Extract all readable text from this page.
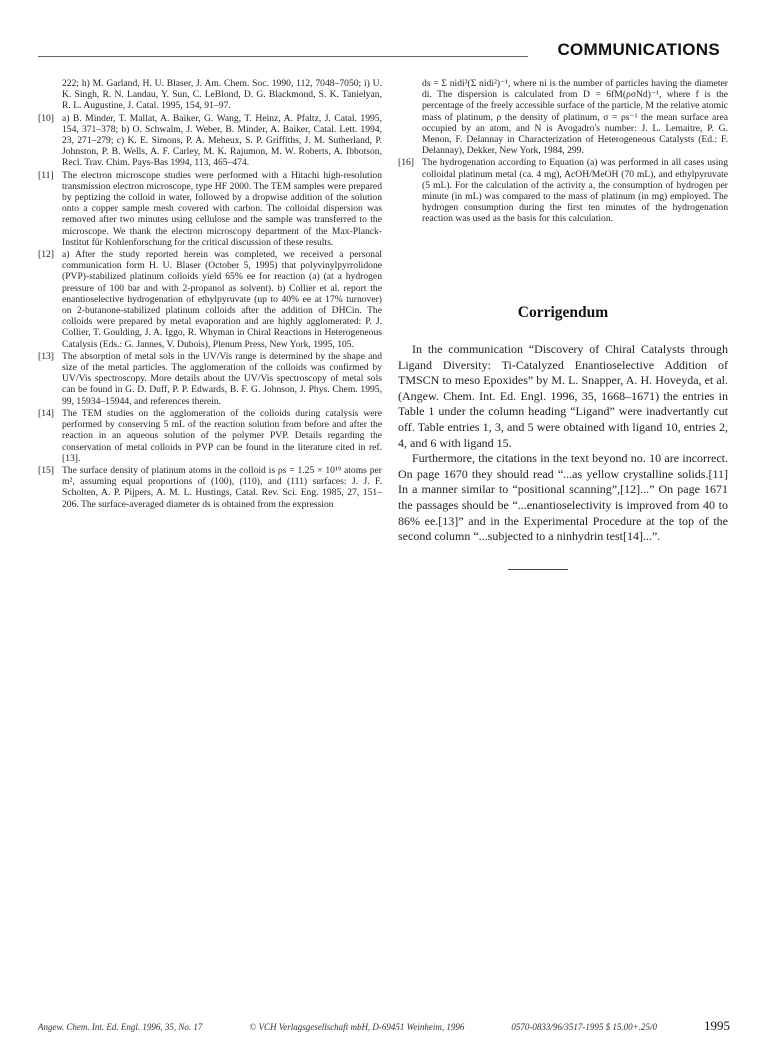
COMMUNICATIONS
222; h) M. Garland, H. U. Blaser, J. Am. Chem. Soc. 1990, 112, 7048–7050; i) U. K. Singh, R. N. Landau, Y. Sun, C. LeBlond, D. G. Blackmond, S. K. Tanielyan, R. L. Augustine, J. Catal. 1995, 154, 91–97.
[10] a) B. Minder, T. Mallat, A. Baiker, G. Wang, T. Heinz, A. Pfaltz, J. Catal. 1995, 154, 371–378; b) O. Schwalm, J. Weber, B. Minder, A. Baiker, Catal. Lett. 1994, 23, 271–279; c) K. E. Simons, P. A. Meheux, S. P. Griffiths, J. M. Sutherland, P. Johnston, P. B. Wells, A. F. Carley, M. K. Rajumon, M. W. Roberts, A. Ibbotson, Recl. Trav. Chim. Pays-Bas 1994, 113, 465–474.
[11] The electron microscope studies were performed with a Hitachi high-resolution transmission electron microscope, type HF 2000. The TEM samples were prepared by peptizing the colloid in water, followed by a dropwise addition of the solution onto a copper sample mesh covered with carbon. The colloidal dispersion was removed after two minutes using cellulose and the sample was transferred to the microscope. We thank the electron microscopy department of the Max-Planck-Institut für Kohlenforschung for the critical discussion of these results.
[12] a) After the study reported herein was completed, we received a personal communication form H. U. Blaser (October 5, 1995) that polyvinylpyrrolidone (PVP)-stabilized platinum colloids yield 65% ee for reaction (a) (at a hydrogen pressure of 100 bar and with 2-propanol as solvent). b) Collier et al. report the enantioselective hydrogenation of ethylpyruvate (up to 40% ee at 17% turnover) on 2-butanone-stabilized platinum colloids after the addition of DHCin. The colloids were prepared by metal evaporation and are highly agglomerated: P. J. Collier, T. Goulding, J. A. Iggo, R. Whyman in Chiral Reactions in Heterogeneous Catalysis (Eds.: G. Jannes, V. Dubois), Plenum Press, New York, 1995, 105.
[13] The absorption of metal sols in the UV/Vis range is determined by the shape and size of the metal particles. The agglomeration of the colloids was confirmed by UV/Vis spectroscopy. More details about the UV/Vis spectroscopy of metal sols can be found in G. D. Duff, P. P. Edwards, B. F. G. Johnson, J. Phys. Chem. 1995, 99, 15934–15944, and references therein.
[14] The TEM studies on the agglomeration of the colloids during catalysis were performed by conserving 5 mL of the reaction solution from before and after the reaction in an aqueous solution of the polymer PVP. Details regarding the conservation of metal colloids in PVP can be found in the literature cited in ref. [13].
[15] The surface density of platinum atoms in the colloid is ρs = 1.25 × 10¹⁹ atoms per m², assuming equal proportions of (100), (110), and (111) surfaces: J. J. F. Scholten, A. P. Pijpers, A. M. L. Hustings, Catal. Rev. Sci. Eng. 1985, 27, 151–206. The surface-averaged diameter ds is obtained from the expression
ds = Σ nidi³(Σ nidi²)⁻¹, where ni is the number of particles having the diameter di. The dispersion is calculated from D = 6fM(ρσNd)⁻¹, where f is the percentage of the freely accessible surface of the particle, M the relative atomic mass of platinum, ρ the density of platinum, σ = ρs⁻¹ the mean surface area occupied by an atom, and N is Avogadro's number: J. L. Lemaitre, P. G. Menon, F. Delannay in Characterization of Heterogeneous Catalysts (Ed.: F. Delannay), Dekker, New York, 1984, 299.
[16] The hydrogenation according to Equation (a) was performed in all cases using colloidal platinum metal (ca. 4 mg), AcOH/MeOH (70 mL), and ethylpyruvate (5 mL). For the calculation of the activity a, the consumption of hydrogen per minute (in mL) was compared to the mass of platinum (in mg) employed. The hydrogen consumption during the first ten minutes of the hydrogenation reaction was used as the basis for this calculation.
Corrigendum

In the communication “Discovery of Chiral Catalysts through Ligand Diversity: Ti-Catalyzed Enantioselective Addition of TMSCN to meso Epoxides” by M. L. Snapper, A. H. Hoveyda, et al. (Angew. Chem. Int. Ed. Engl. 1996, 35, 1668–1671) the entries in Table 1 under the column heading “Ligand” were inadvertantly cut off. Table entries 1, 3, and 5 were obtained with ligand 10, entries 2, 4, and 6 with ligand 15.

Furthermore, the citations in the text beyond no. 10 are incorrect. On page 1670 they should read “...as yellow crystalline solids.[11] In a manner similar to “positional scanning”,[12]...” On page 1671 the passages should be “...enantioselectivity is improved from 40 to 86% ee.[13]” and in the Experimental Procedure at the top of the second column “...subjected to a ninhydrin test[14]...”.

Angew. Chem. Int. Ed. Engl. 1996, 35, No. 17	© VCH Verlagsgesellschaft mbH, D-69451 Weinheim, 1996	0570-0833/96/3517-1995 $ 15.00+.25/0	1995
